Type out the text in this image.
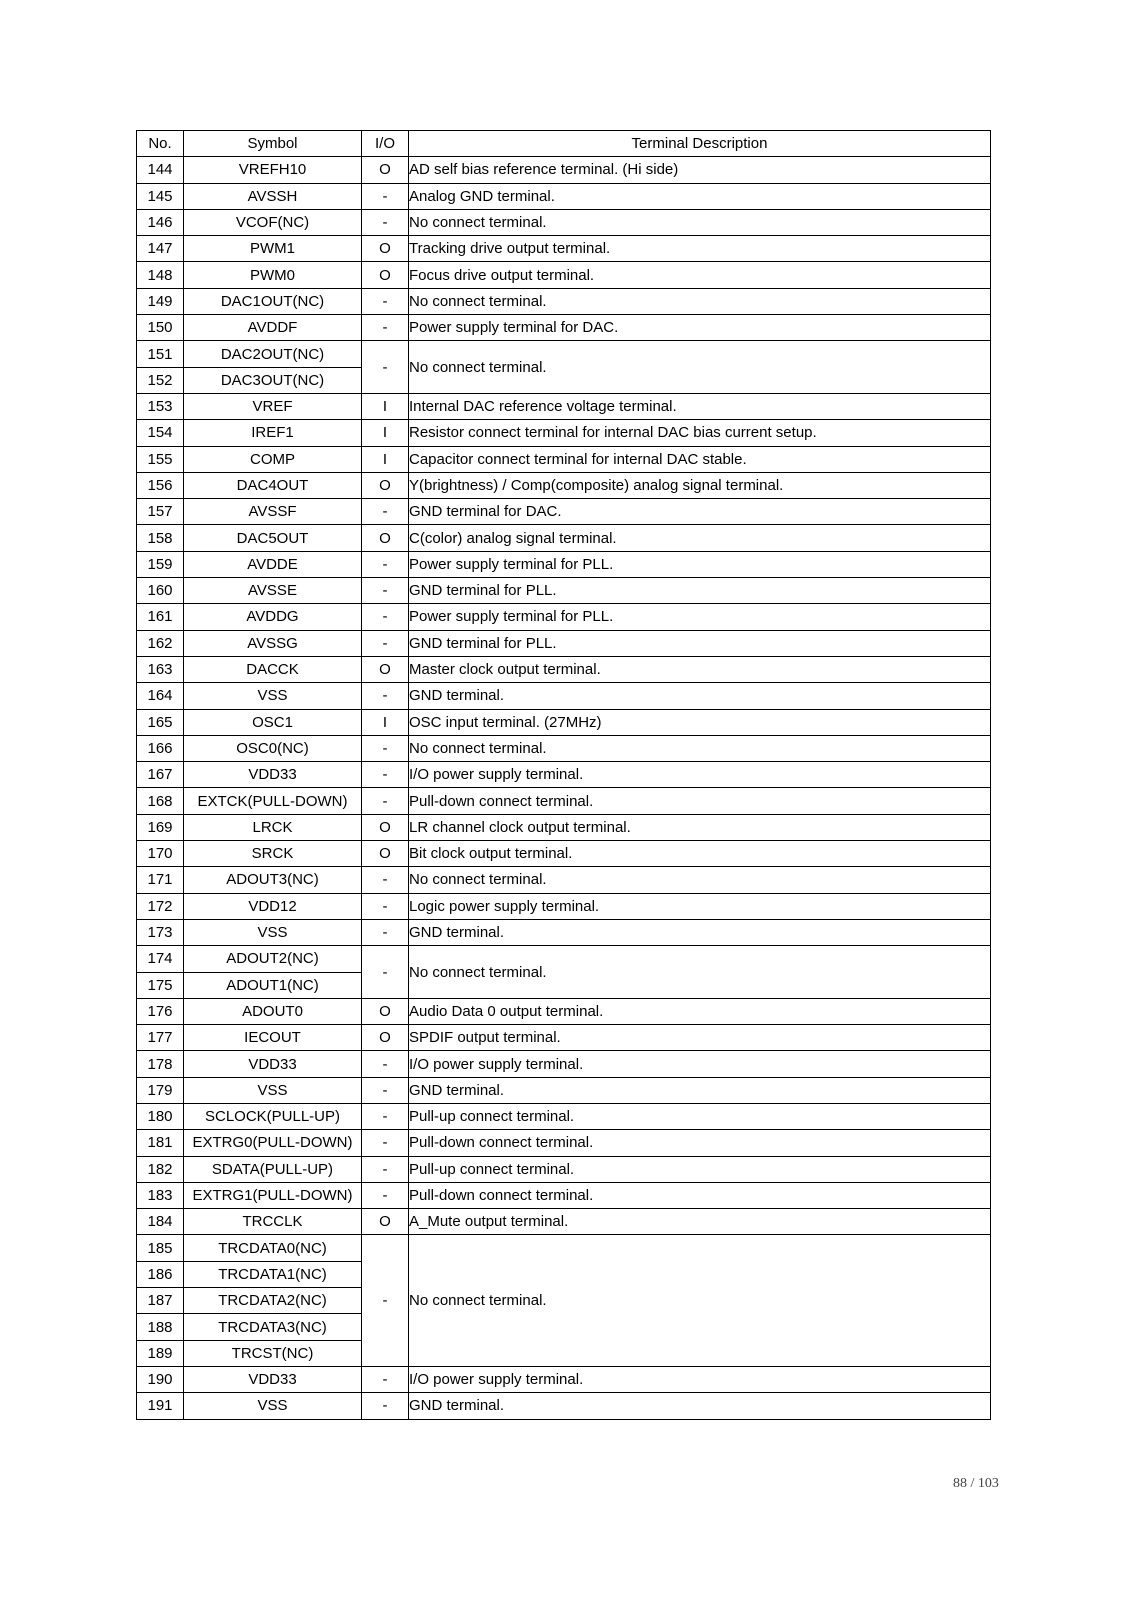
No.	Symbol	I/O	Terminal Description
144	VREFH10	O	AD self bias reference terminal. (Hi side)
145	AVSSH	-	Analog GND terminal.
146	VCOF(NC)	-	No connect terminal.
147	PWM1	O	Tracking drive output terminal.
148	PWM0	O	Focus drive output terminal.
149	DAC1OUT(NC)	-	No connect terminal.
150	AVDDF	-	Power supply terminal for DAC.
151	DAC2OUT(NC)	-	No connect terminal.
152	DAC3OUT(NC)		
153	VREF	I	Internal DAC reference voltage terminal.
154	IREF1	I	Resistor connect terminal for internal DAC bias current setup.
155	COMP	I	Capacitor connect terminal for internal DAC stable.
156	DAC4OUT	O	Y(brightness) / Comp(composite) analog signal terminal.
157	AVSSF	-	GND terminal for DAC.
158	DAC5OUT	O	C(color) analog signal terminal.
159	AVDDE	-	Power supply terminal for PLL.
160	AVSSE	-	GND terminal for PLL.
161	AVDDG	-	Power supply terminal for PLL.
162	AVSSG	-	GND terminal for PLL.
163	DACCK	O	Master clock output terminal.
164	VSS	-	GND terminal.
165	OSC1	I	OSC input terminal. (27MHz)
166	OSC0(NC)	-	No connect terminal.
167	VDD33	-	I/O power supply terminal.
168	EXTCK(PULL-DOWN)	-	Pull-down connect terminal.
169	LRCK	O	LR channel clock output terminal.
170	SRCK	O	Bit clock output terminal.
171	ADOUT3(NC)	-	No connect terminal.
172	VDD12	-	Logic power supply terminal.
173	VSS	-	GND terminal.
174	ADOUT2(NC)	-	No connect terminal.
175	ADOUT1(NC)		
176	ADOUT0	O	Audio Data 0 output terminal.
177	IECOUT	O	SPDIF output terminal.
178	VDD33	-	I/O power supply terminal.
179	VSS	-	GND terminal.
180	SCLOCK(PULL-UP)	-	Pull-up connect terminal.
181	EXTRG0(PULL-DOWN)	-	Pull-down connect terminal.
182	SDATA(PULL-UP)	-	Pull-up connect terminal.
183	EXTRG1(PULL-DOWN)	-	Pull-down connect terminal.
184	TRCCLK	O	A_Mute output terminal.
185	TRCDATA0(NC)	-	No connect terminal.
186	TRCDATA1(NC)		
187	TRCDATA2(NC)		
188	TRCDATA3(NC)		
189	TRCST(NC)		
190	VDD33	-	I/O power supply terminal.
191	VSS	-	GND terminal.
88 / 103
